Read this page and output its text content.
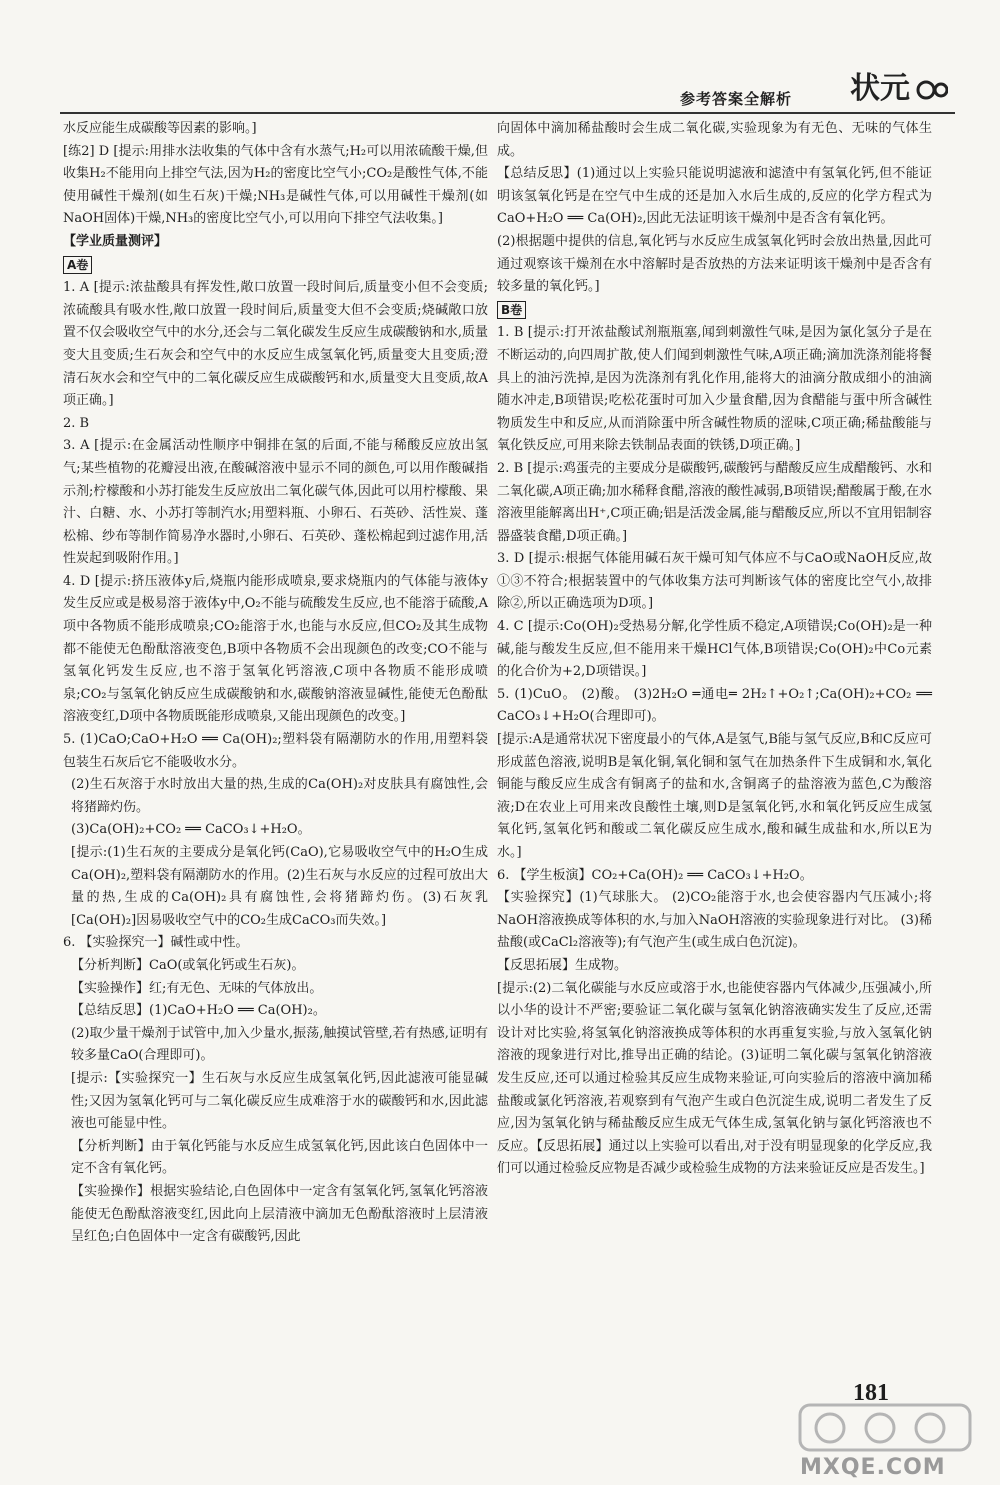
参考答案全解析 状元

水反应能生成碳酸等因素的影响。]

[练2] D [提示:用排水法收集的气体中含有水蒸气;H₂可以用浓硫酸干燥,但收集H₂不能用向上排空气法,因为H₂的密度比空气小;CO₂是酸性气体,不能使用碱性干燥剂(如生石灰)干燥;NH₃是碱性气体,可以用碱性干燥剂(如NaOH固体)干燥,NH₃的密度比空气小,可以用向下排空气法收集。]

【学业质量测评】

A卷

1. A [提示:浓盐酸具有挥发性,敞口放置一段时间后,质量变小但不会变质;浓硫酸具有吸水性,敞口放置一段时间后,质量变大但不会变质;烧碱敞口放置不仅会吸收空气中的水分,还会与二氧化碳发生反应生成碳酸钠和水,质量变大且变质;生石灰会和空气中的水反应生成氢氧化钙,质量变大且变质;澄清石灰水会和空气中的二氧化碳反应生成碳酸钙和水,质量变大且变质,故A项正确。]

2. B

3. A [提示:在金属活动性顺序中铜排在氢的后面,不能与稀酸反应放出氢气;某些植物的花瓣浸出液,在酸碱溶液中显示不同的颜色,可以用作酸碱指示剂;柠檬酸和小苏打能发生反应放出二氧化碳气体,因此可以用柠檬酸、果汁、白糖、水、小苏打等制汽水;用塑料瓶、小卵石、石英砂、活性炭、蓬松棉、纱布等制作简易净水器时,小卵石、石英砂、蓬松棉起到过滤作用,活性炭起到吸附作用。]

4. D [提示:挤压液体y后,烧瓶内能形成喷泉,要求烧瓶内的气体能与液体y发生反应或是极易溶于液体y中,O₂不能与硫酸发生反应,也不能溶于硫酸,A项中各物质不能形成喷泉;CO₂能溶于水,也能与水反应,但CO₂及其生成物都不能使无色酚酞溶液变色,B项中各物质不会出现颜色的改变;CO不能与氢氧化钙发生反应,也不溶于氢氧化钙溶液,C项中各物质不能形成喷泉;CO₂与氢氧化钠反应生成碳酸钠和水,碳酸钠溶液显碱性,能使无色酚酞溶液变红,D项中各物质既能形成喷泉,又能出现颜色的改变。]

5. (1)CaO;CaO+H₂O ══ Ca(OH)₂;塑料袋有隔潮防水的作用,用塑料袋包装生石灰后它不能吸收水分。

(2)生石灰溶于水时放出大量的热,生成的Ca(OH)₂对皮肤具有腐蚀性,会将猪蹄灼伤。

(3)Ca(OH)₂+CO₂ ══ CaCO₃↓+H₂O。

[提示:(1)生石灰的主要成分是氧化钙(CaO),它易吸收空气中的H₂O生成Ca(OH)₂,塑料袋有隔潮防水的作用。(2)生石灰与水反应的过程可放出大量的热,生成的Ca(OH)₂具有腐蚀性,会将猪蹄灼伤。(3)石灰乳[Ca(OH)₂]因易吸收空气中的CO₂生成CaCO₃而失效。]

6. 【实验探究一】碱性或中性。

【分析判断】CaO(或氧化钙或生石灰)。

【实验操作】红;有无色、无味的气体放出。

【总结反思】(1)CaO+H₂O ══ Ca(OH)₂。

(2)取少量干燥剂于试管中,加入少量水,振荡,触摸试管壁,若有热感,证明有较多量CaO(合理即可)。

[提示:【实验探究一】生石灰与水反应生成氢氧化钙,因此滤液可能显碱性;又因为氢氧化钙可与二氧化碳反应生成难溶于水的碳酸钙和水,因此滤液也可能显中性。

【分析判断】由于氧化钙能与水反应生成氢氧化钙,因此该白色固体中一定不含有氧化钙。

【实验操作】根据实验结论,白色固体中一定含有氢氧化钙,氢氧化钙溶液能使无色酚酞溶液变红,因此向上层清液中滴加无色酚酞溶液时上层清液呈红色;白色固体中一定含有碳酸钙,因此

向固体中滴加稀盐酸时会生成二氧化碳,实验现象为有无色、无味的气体生成。

【总结反思】(1)通过以上实验只能说明滤液和滤渣中有氢氧化钙,但不能证明该氢氧化钙是在空气中生成的还是加入水后生成的,反应的化学方程式为CaO+H₂O ══ Ca(OH)₂,因此无法证明该干燥剂中是否含有氧化钙。

(2)根据题中提供的信息,氧化钙与水反应生成氢氧化钙时会放出热量,因此可通过观察该干燥剂在水中溶解时是否放热的方法来证明该干燥剂中是否含有较多量的氧化钙。]

B卷

1. B [提示:打开浓盐酸试剂瓶瓶塞,闻到刺激性气味,是因为氯化氢分子是在不断运动的,向四周扩散,使人们闻到刺激性气味,A项正确;滴加洗涤剂能将餐具上的油污洗掉,是因为洗涤剂有乳化作用,能将大的油滴分散成细小的油滴随水冲走,B项错误;吃松花蛋时可加入少量食醋,因为食醋能与蛋中所含碱性物质发生中和反应,从而消除蛋中所含碱性物质的涩味,C项正确;稀盐酸能与氧化铁反应,可用来除去铁制品表面的铁锈,D项正确。]

2. B [提示:鸡蛋壳的主要成分是碳酸钙,碳酸钙与醋酸反应生成醋酸钙、水和二氧化碳,A项正确;加水稀释食醋,溶液的酸性减弱,B项错误;醋酸属于酸,在水溶液里能解离出H⁺,C项正确;铝是活泼金属,能与醋酸反应,所以不宜用铝制容器盛装食醋,D项正确。]

3. D [提示:根据气体能用碱石灰干燥可知气体应不与CaO或NaOH反应,故①③不符合;根据装置中的气体收集方法可判断该气体的密度比空气小,故排除②,所以正确选项为D项。]

4. C [提示:Co(OH)₂受热易分解,化学性质不稳定,A项错误;Co(OH)₂是一种碱,能与酸发生反应,但不能用来干燥HCl气体,B项错误;Co(OH)₂中Co元素的化合价为+2,D项错误。]

5. (1)CuO。 (2)酸。 (3)2H₂O ═通电═ 2H₂↑+O₂↑;Ca(OH)₂+CO₂ ══ CaCO₃↓+H₂O(合理即可)。

[提示:A是通常状况下密度最小的气体,A是氢气,B能与氢气反应,B和C反应可形成蓝色溶液,说明B是氧化铜,氧化铜和氢气在加热条件下生成铜和水,氧化铜能与酸反应生成含有铜离子的盐和水,含铜离子的盐溶液为蓝色,C为酸溶液;D在农业上可用来改良酸性土壤,则D是氢氧化钙,水和氧化钙反应生成氢氧化钙,氢氧化钙和酸或二氧化碳反应生成水,酸和碱生成盐和水,所以E为水。]

6. 【学生板演】CO₂+Ca(OH)₂ ══ CaCO₃↓+H₂O。

【实验探究】(1)气球胀大。 (2)CO₂能溶于水,也会使容器内气压减小;将NaOH溶液换成等体积的水,与加入NaOH溶液的实验现象进行对比。 (3)稀盐酸(或CaCl₂溶液等);有气泡产生(或生成白色沉淀)。

【反思拓展】生成物。

[提示:(2)二氧化碳能与水反应或溶于水,也能使容器内气体减少,压强减小,所以小华的设计不严密;要验证二氧化碳与氢氧化钠溶液确实发生了反应,还需设计对比实验,将氢氧化钠溶液换成等体积的水再重复实验,与放入氢氧化钠溶液的现象进行对比,推导出正确的结论。(3)证明二氧化碳与氢氧化钠溶液发生反应,还可以通过检验其反应生成物来验证,可向实验后的溶液中滴加稀盐酸或氯化钙溶液,若观察到有气泡产生或白色沉淀生成,说明二者发生了反应,因为氢氧化钠与稀盐酸反应生成无气体生成,氢氧化钠与氯化钙溶液也不反应。【反思拓展】通过以上实验可以看出,对于没有明显现象的化学反应,我们可以通过检验反应物是否减少或检验生成物的方法来验证反应是否发生。]

181
MXQE.COM
